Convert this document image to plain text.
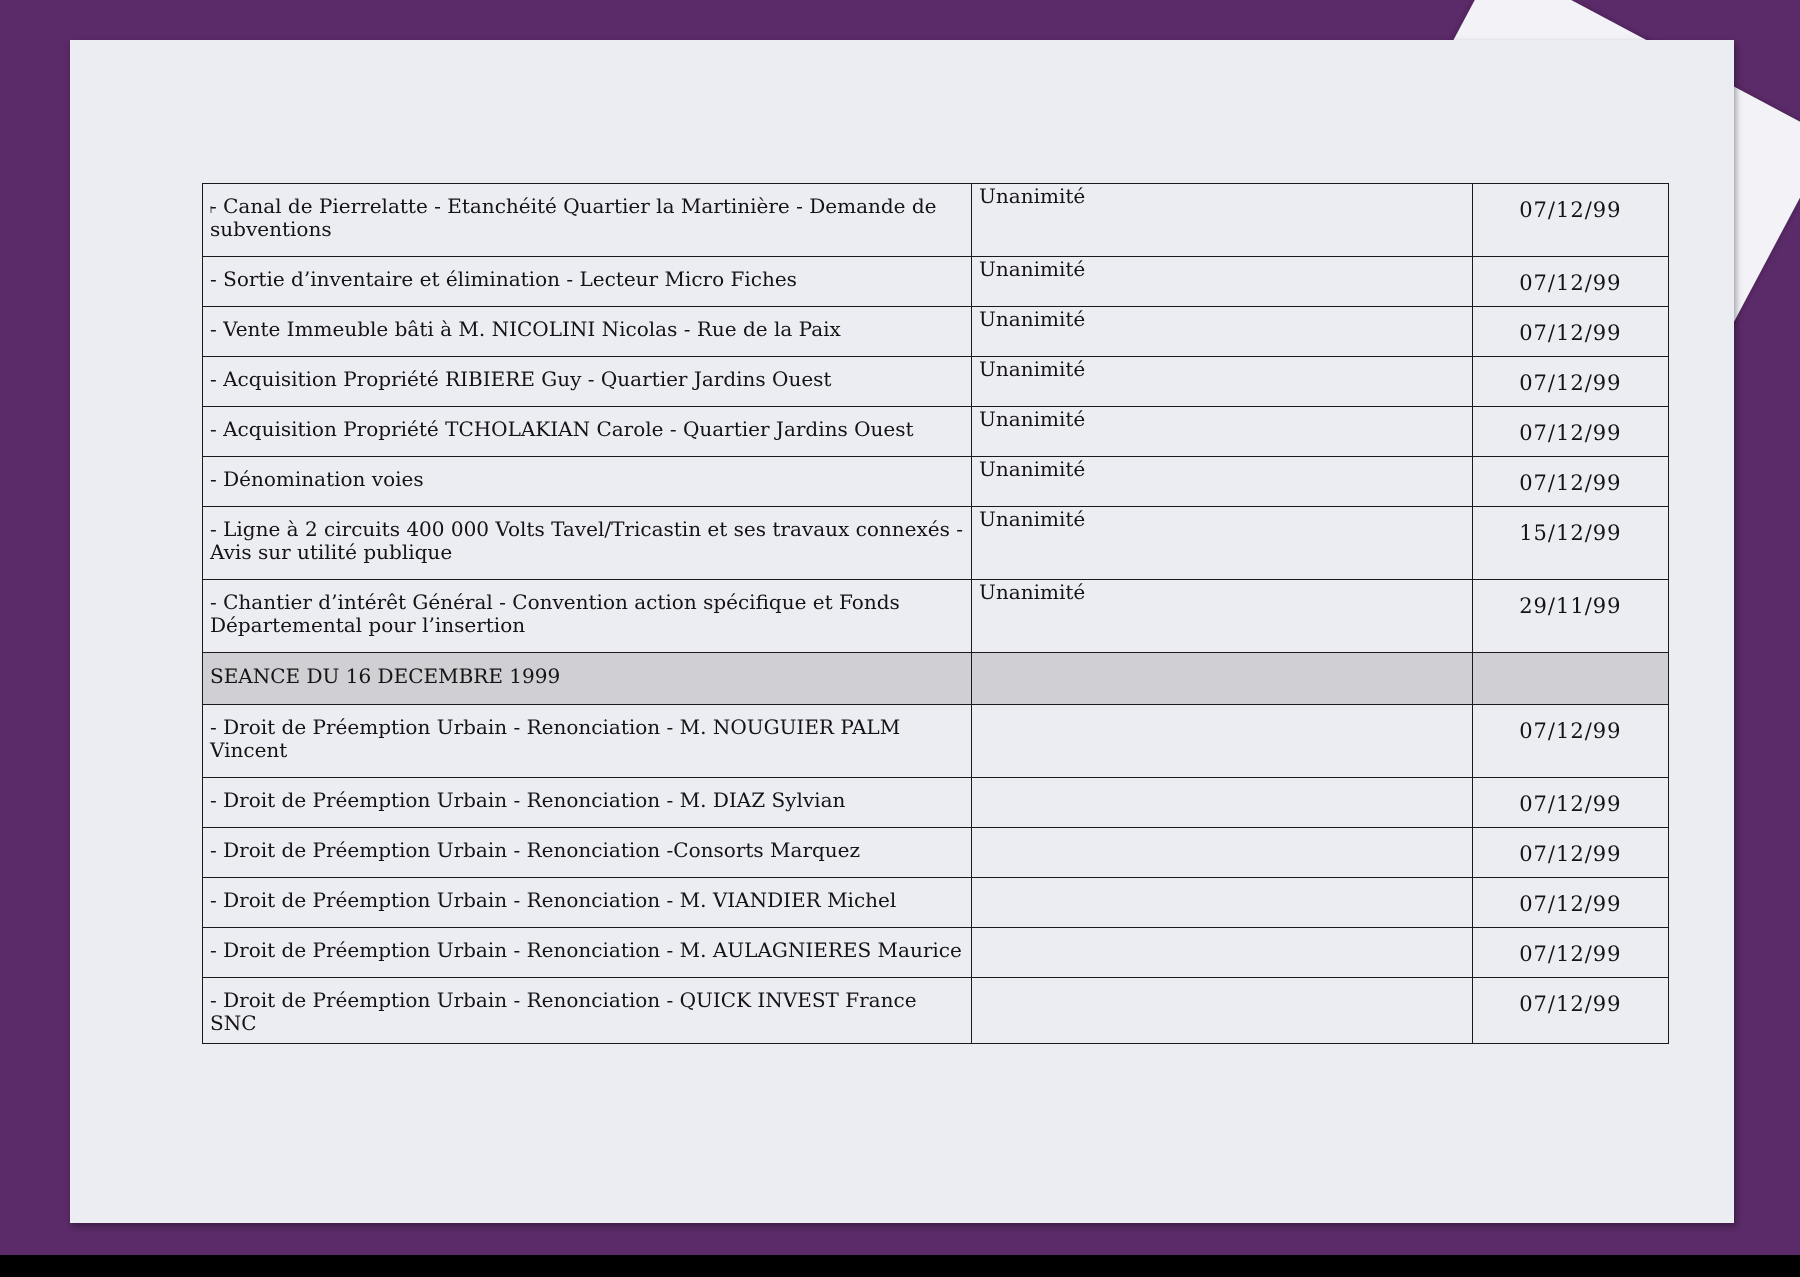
- Canal de Pierrelatte - Etanchéité Quartier la Martinière - Demande de subventions	Unanimité	07/12/99
- Sortie d’inventaire et élimination - Lecteur Micro Fiches	Unanimité	07/12/99
- Vente Immeuble bâti à M. NICOLINI Nicolas - Rue de la Paix	Unanimité	07/12/99
- Acquisition Propriété RIBIERE Guy - Quartier Jardins Ouest	Unanimité	07/12/99
- Acquisition Propriété TCHOLAKIAN Carole - Quartier Jardins Ouest	Unanimité	07/12/99
- Dénomination voies	Unanimité	07/12/99
- Ligne à 2 circuits 400 000 Volts Tavel/Tricastin et ses travaux connexés - Avis sur utilité publique	Unanimité	15/12/99
- Chantier d’intérêt Général - Convention action spécifique et Fonds Départemental pour l’insertion	Unanimité	29/11/99
SEANCE DU 16 DECEMBRE 1999		
- Droit de Préemption Urbain - Renonciation - M. NOUGUIER PALM Vincent		07/12/99
- Droit de Préemption Urbain - Renonciation - M. DIAZ Sylvian		07/12/99
- Droit de Préemption Urbain - Renonciation -Consorts Marquez		07/12/99
- Droit de Préemption Urbain - Renonciation - M. VIANDIER Michel		07/12/99
- Droit de Préemption Urbain - Renonciation - M. AULAGNIERES Maurice		07/12/99
- Droit de Préemption Urbain - Renonciation - QUICK INVEST France SNC		07/12/99
